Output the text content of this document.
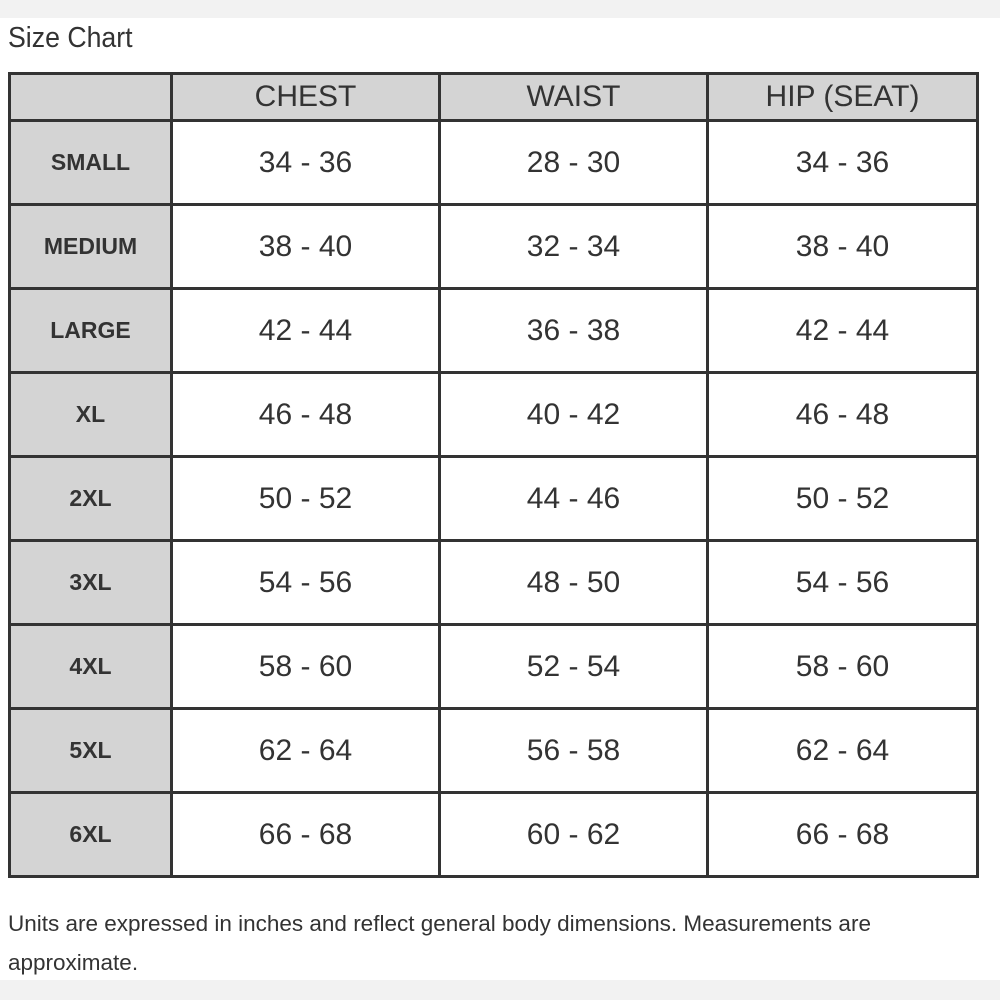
Size Chart
	CHEST	WAIST	HIP (SEAT)
SMALL	34 - 36	28 - 30	34 - 36
MEDIUM	38 - 40	32 - 34	38 - 40
LARGE	42 - 44	36 - 38	42 - 44
XL	46 - 48	40 - 42	46 - 48
2XL	50 - 52	44 - 46	50 - 52
3XL	54 - 56	48 - 50	54 - 56
4XL	58 - 60	52 - 54	58 - 60
5XL	62 - 64	56 - 58	62 - 64
6XL	66 - 68	60 - 62	66 - 68
Units are expressed in inches and reflect general body dimensions. Measurements are approximate.
